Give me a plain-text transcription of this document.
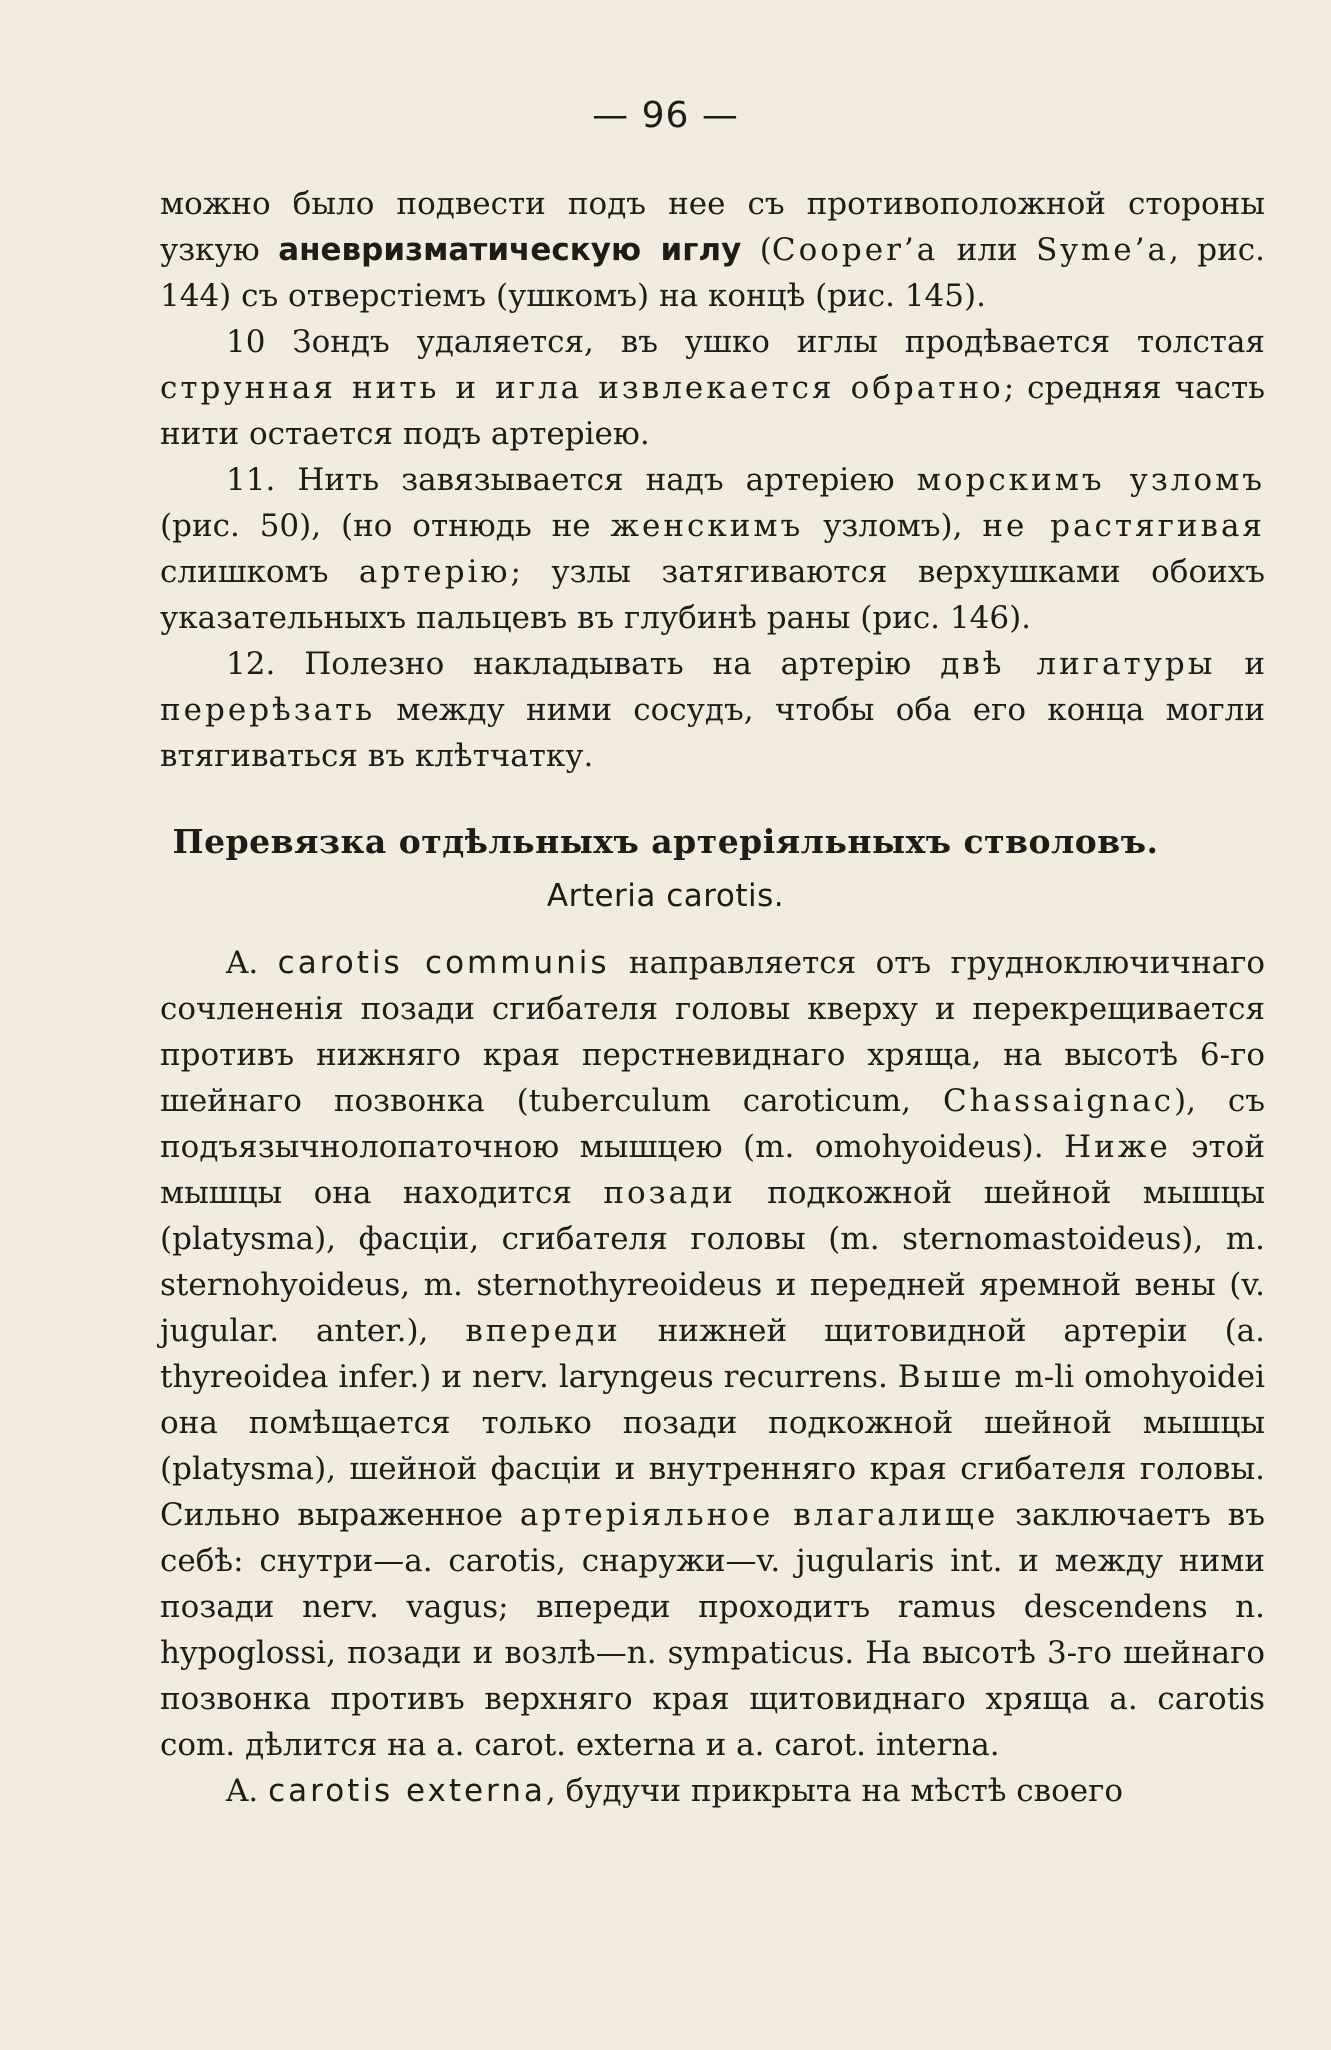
— 96 —

можно было подвести подъ нее съ противоположной стороны узкую аневризматическую иглу (Cooper’a или Syme’a, рис. 144) съ отверстіемъ (ушкомъ) на концѣ (рис. 145).

10 Зондъ удаляется, въ ушко иглы продѣвается толстая струнная нить и игла извлекается обратно; средняя часть нити остается подъ артеріею.

11. Нить завязывается надъ артеріею морскимъ узломъ (рис. 50), (но отнюдь не женскимъ узломъ), не растягивая слишкомъ артерію; узлы затягиваются верхушками обоихъ указательныхъ пальцевъ въ глубинѣ раны (рис. 146).

12. Полезно накладывать на артерію двѣ лигатуры и перерѣзать между ними сосудъ, чтобы оба его конца могли втягиваться въ клѣтчатку.

Перевязка отдѣльныхъ артеріяльныхъ стволовъ.
Arteria carotis.

A. carotis communis направляется отъ грудноключичнаго сочлененія позади сгибателя головы кверху и перекрещивается противъ нижняго края перстневиднаго хряща, на высотѣ 6-го шейнаго позвонка (tuberculum caroticum, Chassaignac), съ подъязычнолопаточною мышцею (m. omohyoideus). Ниже этой мышцы она находится позади подкожной шейной мышцы (platysma), фасціи, сгибателя головы (m. sternomastoideus), m. sternohyoideus, m. sternothyreoideus и передней яремной вены (v. jugular. anter.), впереди нижней щитовидной артеріи (a. thyreoidea infer.) и nerv. laryngeus recurrens. Выше m-li omohyoidei она помѣщается только позади подкожной шейной мышцы (platysma), шейной фасціи и внутренняго края сгибателя головы. Сильно выраженное артеріяльное влагалище заключаетъ въ себѣ: снутри—a. carotis, снаружи—v. jugularis int. и между ними позади nerv. vagus; впереди проходитъ ramus descendens n. hypoglossi, позади и возлѣ—n. sympaticus. На высотѣ 3-го шейнаго позвонка противъ верхняго края щитовиднаго хряща a. carotis com. дѣлится на a. carot. externa и a. carot. interna.

A. carotis externa, будучи прикрыта на мѣстѣ своего
